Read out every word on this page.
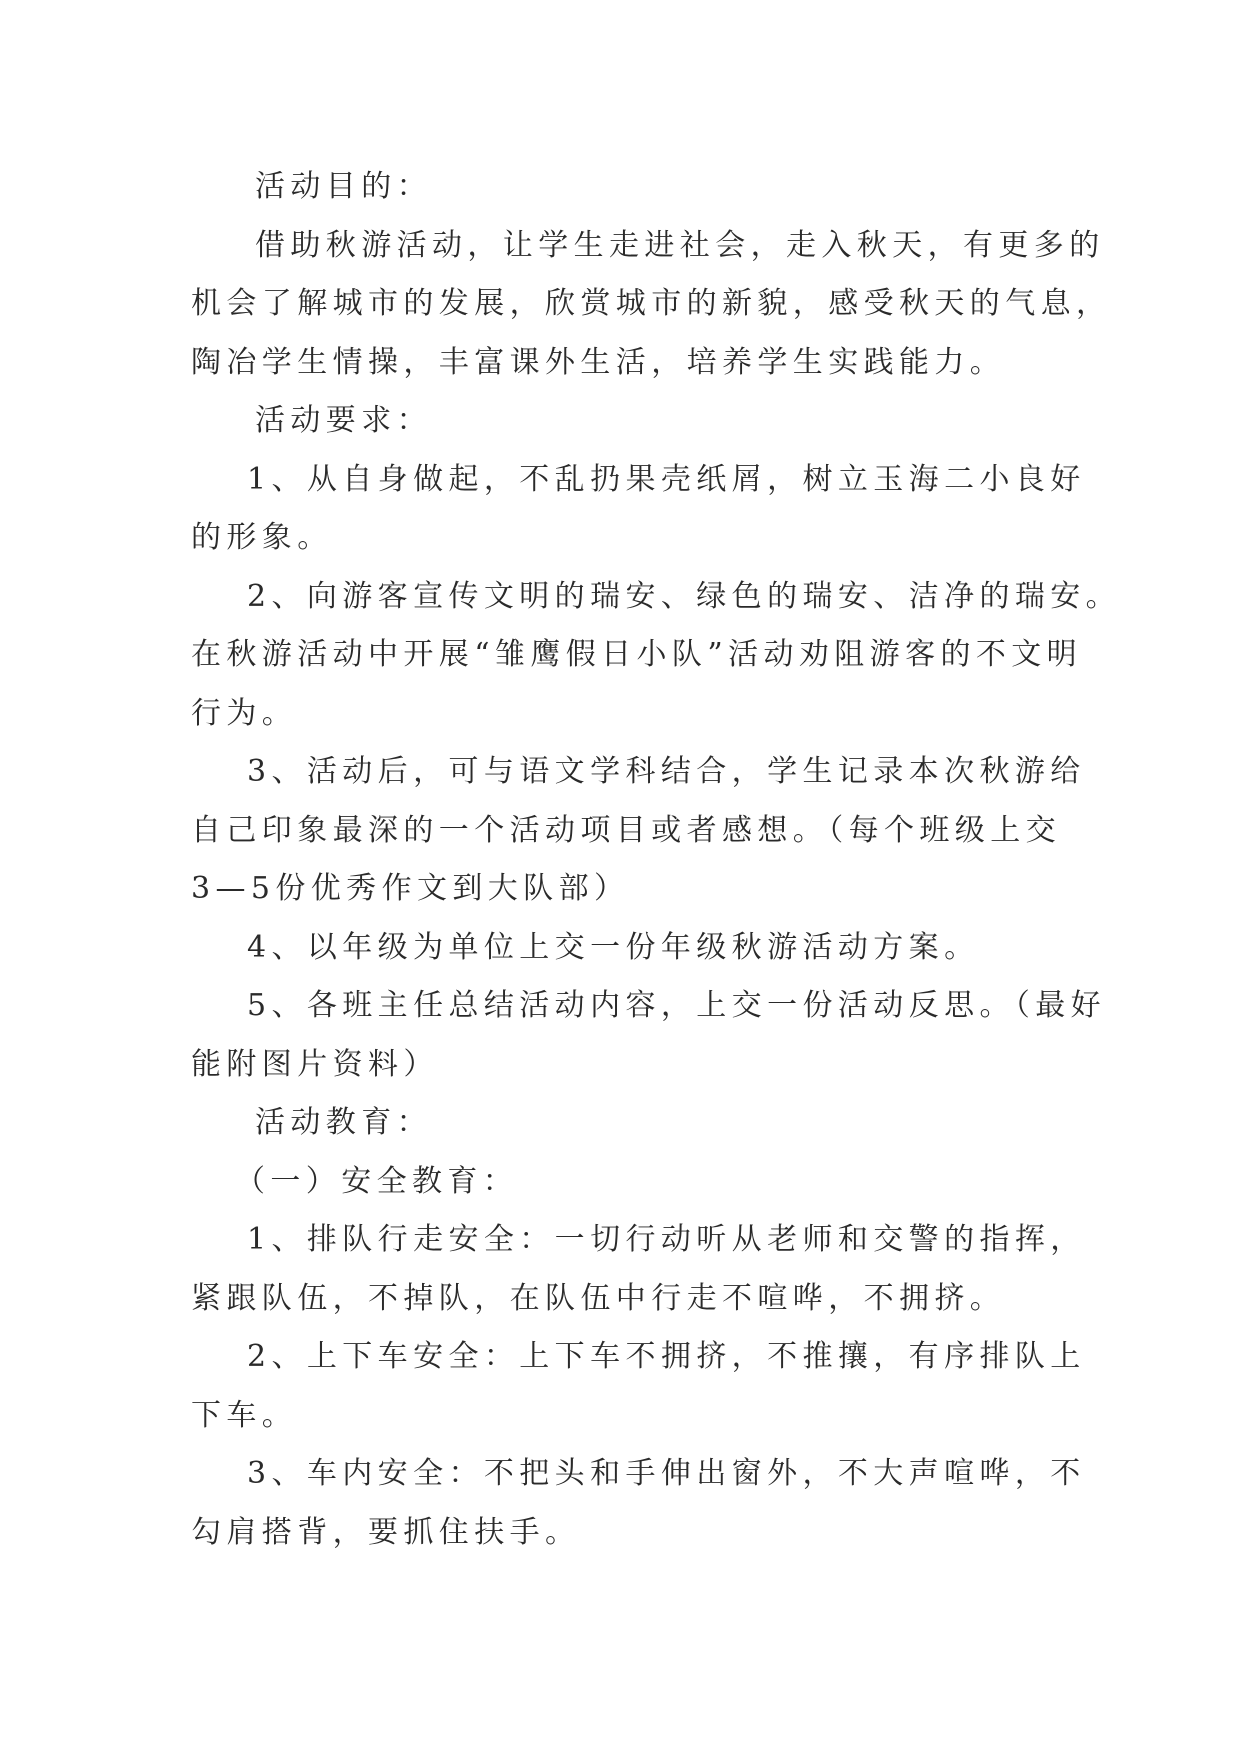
活动目的：
借助秋游活动，让学生走进社会，走入秋天，有更多的
机会了解城市的发展，欣赏城市的新貌，感受秋天的气息，
陶冶学生情操，丰富课外生活，培养学生实践能力。
活动要求：
1、从自身做起，不乱扔果壳纸屑，树立玉海二小良好
的形象。
2、向游客宣传文明的瑞安、绿色的瑞安、洁净的瑞安。
在秋游活动中开展“雏鹰假日小队”活动劝阻游客的不文明
行为。
3、活动后，可与语文学科结合，学生记录本次秋游给
自己印象最深的一个活动项目或者感想。（每个班级上交
3—5份优秀作文到大队部）
4、以年级为单位上交一份年级秋游活动方案。
5、各班主任总结活动内容，上交一份活动反思。（最好
能附图片资料）
活动教育：
（一）安全教育：
1、排队行走安全：一切行动听从老师和交警的指挥，
紧跟队伍，不掉队，在队伍中行走不喧哗，不拥挤。
2、上下车安全：上下车不拥挤，不推攘，有序排队上
下车。
3、车内安全：不把头和手伸出窗外，不大声喧哗，不
勾肩搭背，要抓住扶手。
